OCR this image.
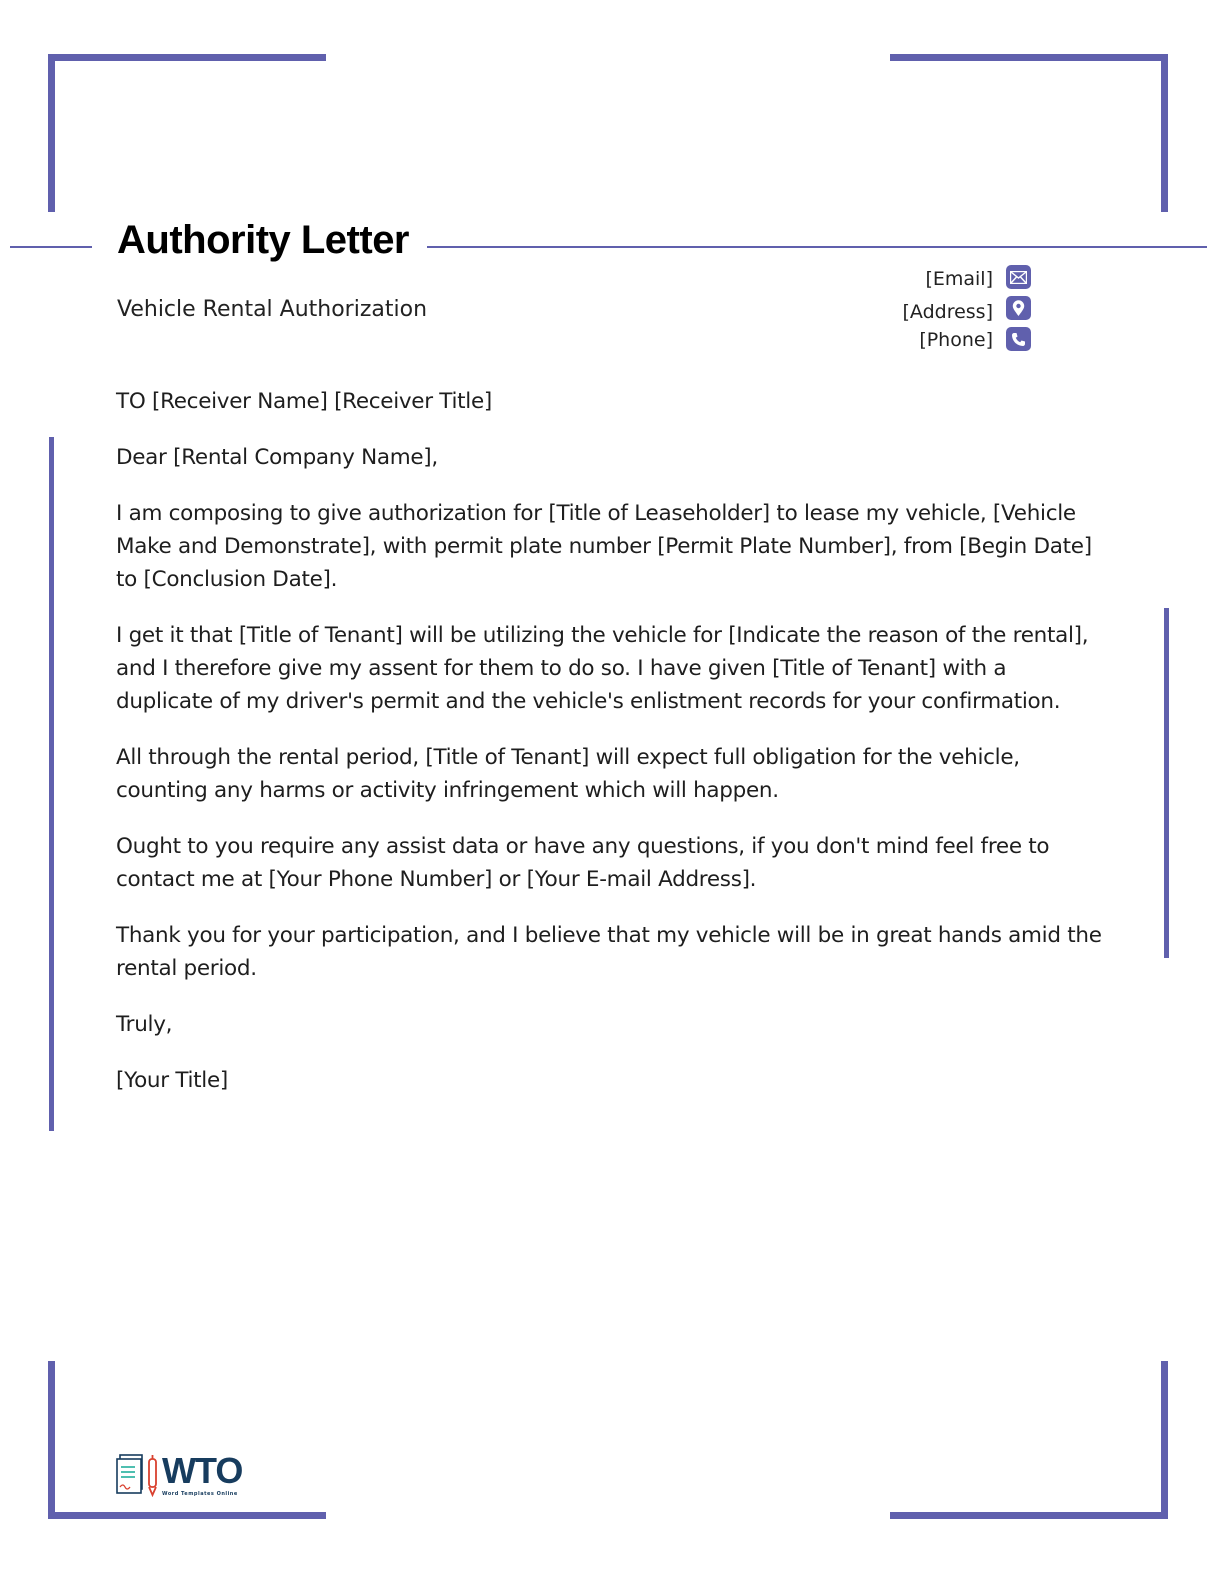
Authority Letter
Vehicle Rental Authorization
[Email]
[Address]
[Phone]

TO [Receiver Name] [Receiver Title]

Dear [Rental Company Name],

I am composing to give authorization for [Title of Leaseholder] to lease my vehicle, [Vehicle Make and Demonstrate], with permit plate number [Permit Plate Number], from [Begin Date] to [Conclusion Date].

I get it that [Title of Tenant] will be utilizing the vehicle for [Indicate the reason of the rental], and I therefore give my assent for them to do so. I have given [Title of Tenant] with a duplicate of my driver's permit and the vehicle's enlistment records for your confirmation.

All through the rental period, [Title of Tenant] will expect full obligation for the vehicle, counting any harms or activity infringement which will happen.

Ought to you require any assist data or have any questions, if you don't mind feel free to contact me at [Your Phone Number] or [Your E-mail Address].

Thank you for your participation, and I believe that my vehicle will be in great hands amid the rental period.

Truly,

[Your Title]

WTO
Word Templates Online
